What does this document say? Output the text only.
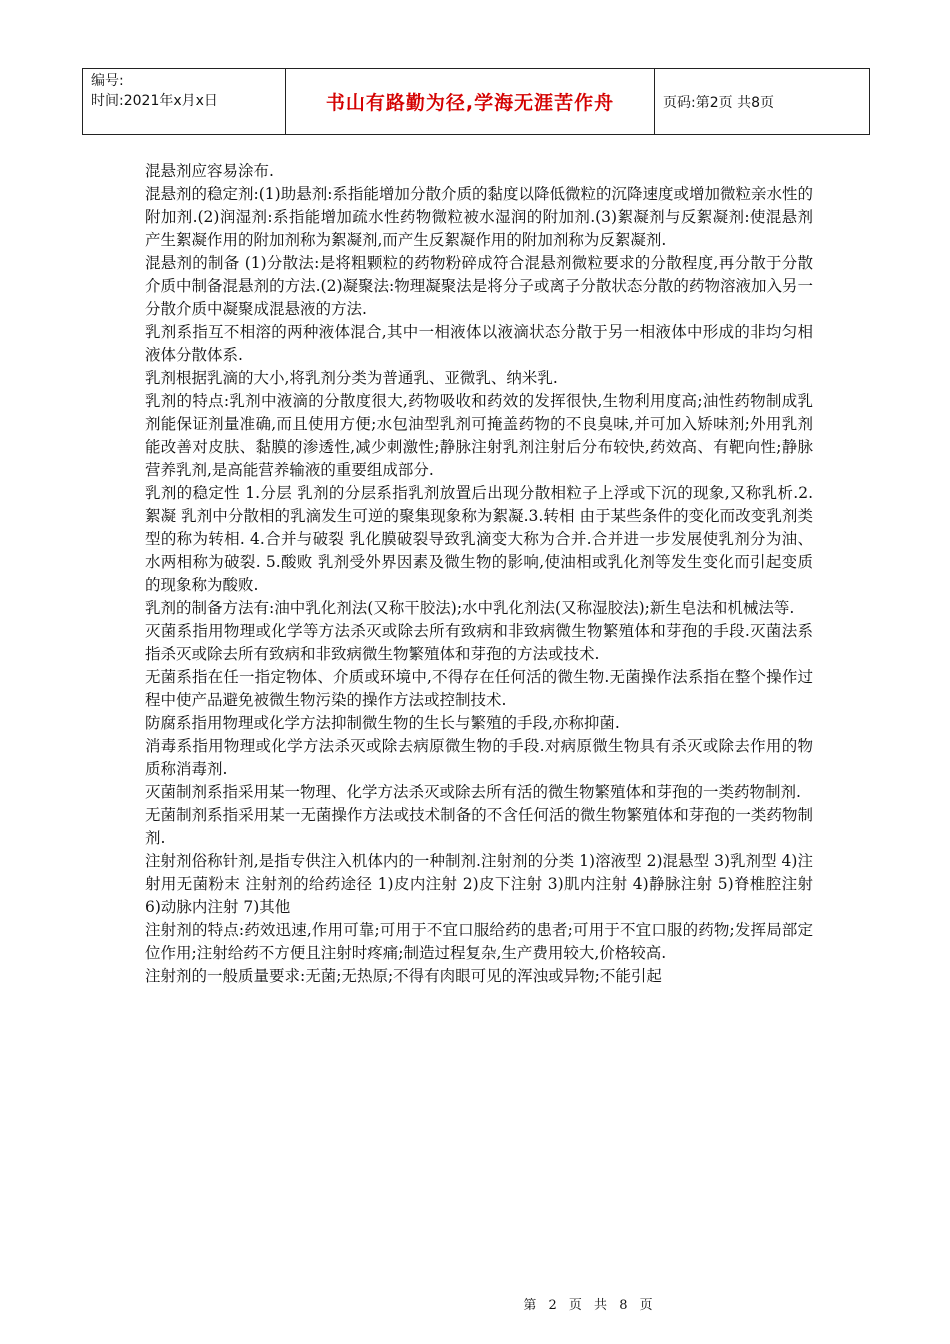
编号:
时间:2021年x月x日	书山有路勤为径,学海无涯苦作舟	页码:第2页 共8页

混悬剂应容易涂布.

混悬剂的稳定剂:(1)助悬剂:系指能增加分散介质的黏度以降低微粒的沉降速度或增加微粒亲水性的附加剂.(2)润湿剂:系指能增加疏水性药物微粒被水湿润的附加剂.(3)絮凝剂与反絮凝剂:使混悬剂产生絮凝作用的附加剂称为絮凝剂,而产生反絮凝作用的附加剂称为反絮凝剂.

混悬剂的制备 (1)分散法:是将粗颗粒的药物粉碎成符合混悬剂微粒要求的分散程度,再分散于分散介质中制备混悬剂的方法.(2)凝聚法:物理凝聚法是将分子或离子分散状态分散的药物溶液加入另一分散介质中凝聚成混悬液的方法.

乳剂系指互不相溶的两种液体混合,其中一相液体以液滴状态分散于另一相液体中形成的非均匀相液体分散体系.

乳剂根据乳滴的大小,将乳剂分类为普通乳、亚微乳、纳米乳.

乳剂的特点:乳剂中液滴的分散度很大,药物吸收和药效的发挥很快,生物利用度高;油性药物制成乳剂能保证剂量准确,而且使用方便;水包油型乳剂可掩盖药物的不良臭味,并可加入矫味剂;外用乳剂能改善对皮肤、黏膜的渗透性,减少刺激性;静脉注射乳剂注射后分布较快,药效高、有靶向性;静脉营养乳剂,是高能营养输液的重要组成部分.

乳剂的稳定性 1.分层 乳剂的分层系指乳剂放置后出现分散相粒子上浮或下沉的现象,又称乳析.2.絮凝 乳剂中分散相的乳滴发生可逆的聚集现象称为絮凝.3.转相 由于某些条件的变化而改变乳剂类型的称为转相. 4.合并与破裂 乳化膜破裂导致乳滴变大称为合并.合并进一步发展使乳剂分为油、水两相称为破裂. 5.酸败 乳剂受外界因素及微生物的影响,使油相或乳化剂等发生变化而引起变质的现象称为酸败.

乳剂的制备方法有:油中乳化剂法(又称干胶法);水中乳化剂法(又称湿胶法);新生皂法和机械法等.

灭菌系指用物理或化学等方法杀灭或除去所有致病和非致病微生物繁殖体和芽孢的手段.灭菌法系指杀灭或除去所有致病和非致病微生物繁殖体和芽孢的方法或技术.

无菌系指在任一指定物体、介质或环境中,不得存在任何活的微生物.无菌操作法系指在整个操作过程中使产品避免被微生物污染的操作方法或控制技术.

防腐系指用物理或化学方法抑制微生物的生长与繁殖的手段,亦称抑菌.

消毒系指用物理或化学方法杀灭或除去病原微生物的手段.对病原微生物具有杀灭或除去作用的物质称消毒剂.

灭菌制剂系指采用某一物理、化学方法杀灭或除去所有活的微生物繁殖体和芽孢的一类药物制剂.

无菌制剂系指采用某一无菌操作方法或技术制备的不含任何活的微生物繁殖体和芽孢的一类药物制剂.

注射剂俗称针剂,是指专供注入机体内的一种制剂.注射剂的分类 1)溶液型 2)混悬型 3)乳剂型 4)注射用无菌粉末 注射剂的给药途径 1)皮内注射 2)皮下注射 3)肌内注射 4)静脉注射 5)脊椎腔注射 6)动脉内注射 7)其他

注射剂的特点:药效迅速,作用可靠;可用于不宜口服给药的患者;可用于不宜口服的药物;发挥局部定位作用;注射给药不方便且注射时疼痛;制造过程复杂,生产费用较大,价格较高.

注射剂的一般质量要求:无菌;无热原;不得有肉眼可见的浑浊或异物;不能引起

第 2 页 共 8 页
